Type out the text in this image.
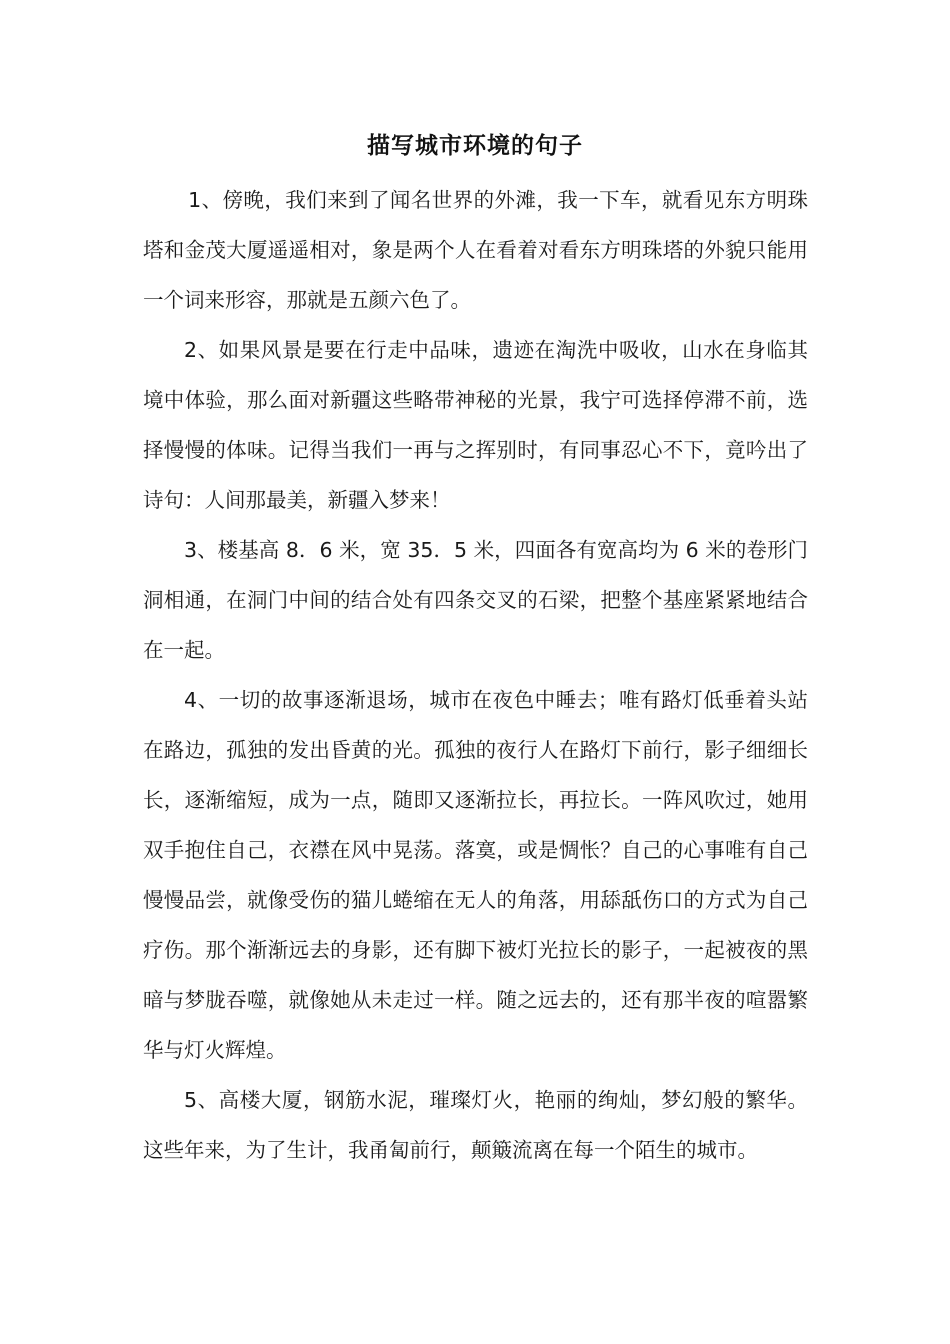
描写城市环境的句子

1、傍晚，我们来到了闻名世界的外滩，我一下车，就看见东方明珠塔和金茂大厦遥遥相对，象是两个人在看着对看东方明珠塔的外貌只能用一个词来形容，那就是五颜六色了。

2、如果风景是要在行走中品味，遗迹在淘洗中吸收，山水在身临其境中体验，那么面对新疆这些略带神秘的光景，我宁可选择停滞不前，选择慢慢的体味。记得当我们一再与之挥别时，有同事忍心不下，竟吟出了诗句：人间那最美，新疆入梦来！

3、楼基高 8．6 米，宽 35．5 米，四面各有宽高均为 6 米的卷形门洞相通，在洞门中间的结合处有四条交叉的石梁，把整个基座紧紧地结合在一起。

4、一切的故事逐渐退场，城市在夜色中睡去；唯有路灯低垂着头站在路边，孤独的发出昏黄的光。孤独的夜行人在路灯下前行，影子细细长长，逐渐缩短，成为一点，随即又逐渐拉长，再拉长。一阵风吹过，她用双手抱住自己，衣襟在风中晃荡。落寞，或是惆怅？自己的心事唯有自己慢慢品尝，就像受伤的猫儿蜷缩在无人的角落，用舔舐伤口的方式为自己疗伤。那个渐渐远去的身影，还有脚下被灯光拉长的影子，一起被夜的黑暗与梦胧吞噬，就像她从未走过一样。随之远去的，还有那半夜的喧嚣繁华与灯火辉煌。

5、高楼大厦，钢筋水泥，璀璨灯火，艳丽的绚灿，梦幻般的繁华。这些年来，为了生计，我甬匐前行，颠簸流离在每一个陌生的城市。
